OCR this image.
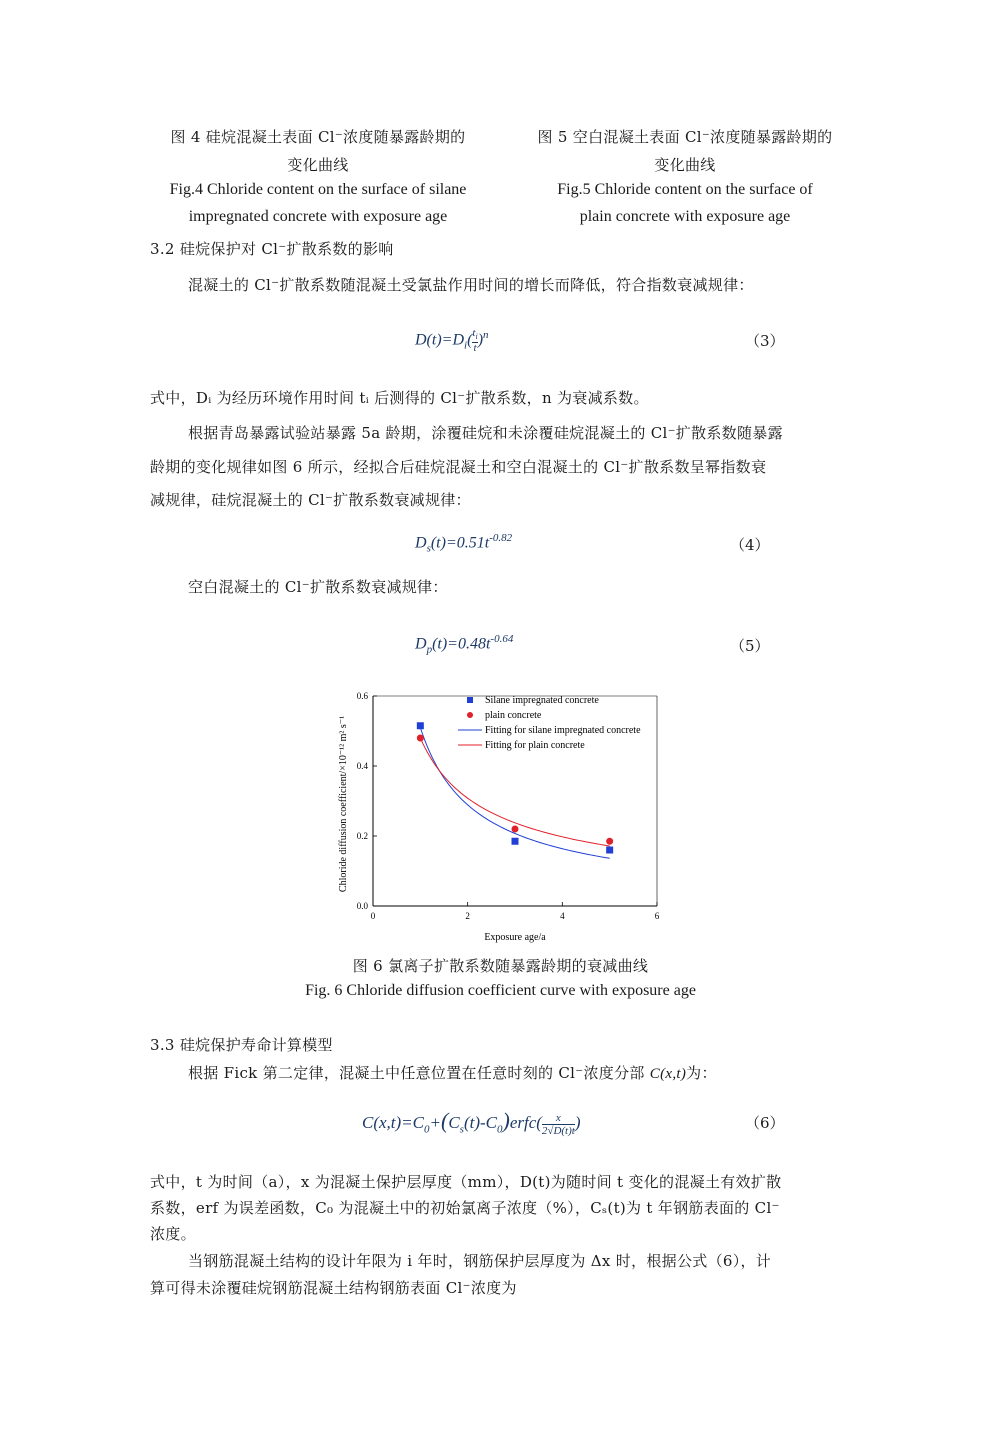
图 4 硅烷混凝土表面 Cl⁻浓度随暴露龄期的
变化曲线
Fig.4 Chloride content on the surface of silane
impregnated concrete with exposure age
图 5 空白混凝土表面 Cl⁻浓度随暴露龄期的
变化曲线
Fig.5 Chloride content on the surface of
plain concrete with exposure age
3.2 硅烷保护对 Cl⁻扩散系数的影响
混凝土的 Cl⁻扩散系数随混凝土受氯盐作用时间的增长而降低，符合指数衰减规律：
$D(t)=D_i( \frac{t_i}{t} )^n$	（3）
式中，Dᵢ 为经历环境作用时间 tᵢ 后测得的 Cl⁻扩散系数，n 为衰减系数。
根据青岛暴露试验站暴露 5a 龄期，涂覆硅烷和未涂覆硅烷混凝土的 Cl⁻扩散系数随暴露
龄期的变化规律如图 6 所示，经拟合后硅烷混凝土和空白混凝土的 Cl⁻扩散系数呈幂指数衰
减规律，硅烷混凝土的 Cl⁻扩散系数衰减规律：
$D_s(t)=0.51t^{-0.82}$	（4）
空白混凝土的 Cl⁻扩散系数衰减规律：
$D_p(t)=0.48t^{-0.64}$	（5）
0	2	4	6
0.0
0.2
0.4
0.6	Silane impregnated concrete
plain concrete
Fitting for silane impregnated concrete
Fitting for plain concrete
Exposure age/a
Chloride diffusion coefficient/×10⁻¹² m² s⁻¹
图 6 氯离子扩散系数随暴露龄期的衰减曲线
Fig. 6 Chloride diffusion coefficient curve with exposure age
3.3 硅烷保护寿命计算模型
根据 Fick 第二定律，混凝土中任意位置在任意时刻的 Cl⁻浓度分部 C(x,t)为：
$C(x,t)=C_0+(C_s(t)-C_0)erfc( \frac{x}{2√D(t)t}$ )	（6）
式中，t 为时间（a），x 为混凝土保护层厚度（mm），D(t)为随时间 t 变化的混凝土有效扩散
系数，erf 为误差函数，C₀ 为混凝土中的初始氯离子浓度（%），Cₛ(t)为 t 年钢筋表面的 Cl⁻
浓度。
当钢筋混凝土结构的设计年限为 i 年时，钢筋保护层厚度为 Δx 时，根据公式（6），计
算可得未涂覆硅烷钢筋混凝土结构钢筋表面 Cl⁻浓度为
